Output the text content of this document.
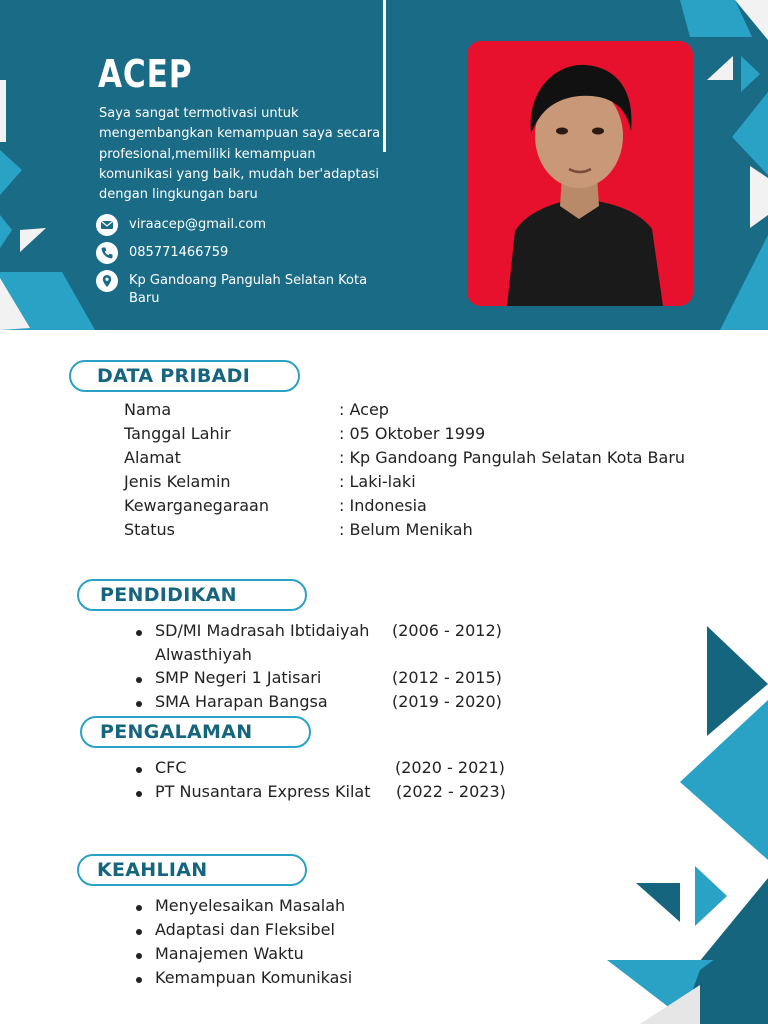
ACEP
Saya sangat termotivasi untuk mengembangkan kemampuan saya secara profesional,memiliki kemampuan komunikasi yang baik, mudah ber'adaptasi dengan lingkungan baru
viraacep@gmail.com
085771466759
Kp Gandoang Pangulah Selatan Kota Baru
DATA PRIBADI
Nama	: Acep
Tanggal Lahir	: 05 Oktober 1999
Alamat	: Kp Gandoang Pangulah Selatan Kota Baru
Jenis Kelamin	: Laki-laki
Kewarganegaraan	: Indonesia
Status	: Belum Menikah
PENDIDIKAN
SD/MI Madrasah Ibtidaiyah (2006 - 2012)
Alwasthiyah
SMP Negeri 1 Jatisari	(2012 - 2015)
SMA Harapan Bangsa	(2019 - 2020)
PENGALAMAN
CFC	(2020 - 2021)
PT Nusantara Express Kilat (2022 - 2023)
KEAHLIAN
Menyelesaikan Masalah
Adaptasi dan Fleksibel
Manajemen Waktu
Kemampuan Komunikasi
